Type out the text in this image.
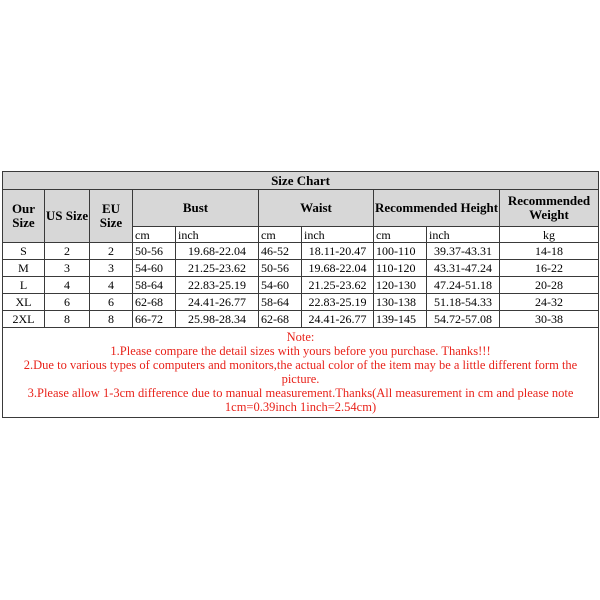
Size Chart									
Our Size	US Size	EU Size	Bust		Waist		Recommended Height		Recommended Weight
			cm	inch	cm	inch	cm	inch	kg
S	2	2	50-56	19.68-22.04	46-52	18.11-20.47	100-110	39.37-43.31	14-18
M	3	3	54-60	21.25-23.62	50-56	19.68-22.04	110-120	43.31-47.24	16-22
L	4	4	58-64	22.83-25.19	54-60	21.25-23.62	120-130	47.24-51.18	20-28
XL	6	6	62-68	24.41-26.77	58-64	22.83-25.19	130-138	51.18-54.33	24-32
2XL	8	8	66-72	25.98-28.34	62-68	24.41-26.77	139-145	54.72-57.08	30-38

Note:
1.Please compare the detail sizes with yours before you purchase. Thanks!!!
2.Due to various types of computers and monitors,the actual color of the item may be a little different form the picture.
3.Please allow 1-3cm difference due to manual measurement.Thanks(All measurement in cm and please note 1cm=0.39inch 1inch=2.54cm)									
